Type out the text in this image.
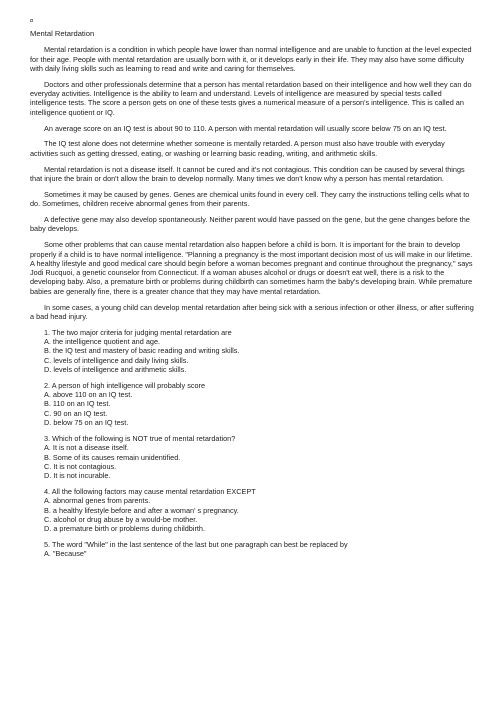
Mental Retardation

Mental retardation is a condition in which people have lower than normal intelligence and are unable to function at the level expected for their age. People with mental retardation are usually born with it, or it develops early in their life. They may also have some difficulty with daily living skills such as learning to read and write and caring for themselves.

Doctors and other professionals determine that a person has mental retardation based on their intelligence and how well they can do everyday activities. Intelligence is the ability to learn and understand. Levels of intelligence are measured by special tests called intelligence tests. The score a person gets on one of these tests gives a numerical measure of a person's intelligence. This is called an intelligence quotient or IQ.

An average score on an IQ test is about 90 to 110. A person with mental retardation will usually score below 75 on an IQ test.

The IQ test alone does not determine whether someone is mentally retarded. A person must also have trouble with everyday activities such as getting dressed, eating, or washing or learning basic reading, writing, and arithmetic skills.

Mental retardation is not a disease itself. It cannot be cured and it's not contagious. This condition can be caused by several things that injure the brain or don't allow the brain to develop normally. Many times we don't know why a person has mental retardation.

Sometimes it may be caused by genes. Genes are chemical units found in every cell. They carry the instructions telling cells what to do. Sometimes, children receive abnormal genes from their parents.

A defective gene may also develop spontaneously. Neither parent would have passed on the gene, but the gene changes before the baby develops.

Some other problems that can cause mental retardation also happen before a child is born. It is important for the brain to develop properly if a child is to have normal intelligence. "Planning a pregnancy is the most important decision most of us will make in our lifetime. A healthy lifestyle and good medical care should begin before a woman becomes pregnant and continue throughout the pregnancy," says Jodi Rucquoi, a genetic counselor from Connecticut. If a woman abuses alcohol or drugs or doesn't eat well, there is a risk to the developing baby. Also, a premature birth or problems during childbirth can sometimes harm the baby's developing brain. While premature babies are generally fine, there is a greater chance that they may have mental retardation.

In some cases, a young child can develop mental retardation after being sick with a serious infection or other illness, or after suffering a bad head injury.

1. The two major criteria for judging mental retardation are
A. the intelligence quotient and age.
B. the IQ test and mastery of basic reading and writing skills.
C. levels of intelligence and daily living skills.
D. levels of intelligence and arithmetic skills.
2. A person of high intelligence will probably score
A. above 110 on an IQ test.
B. 110 on an IQ test.
C. 90 on an IQ test.
D. below 75 on an IQ test.
3. Which of the following is NOT true of mental retardation?
A. It is not a disease itself.
B. Some of its causes remain unidentified.
C. It is not contagious.
D. It is not incurable.
4. All the following factors may cause mental retardation EXCEPT
A. abnormal genes from parents.
B. a healthy lifestyle before and after a woman' s pregnancy.
C. alcohol or drug abuse by a would-be mother.
D. a premature birth or problems during childbirth.
5. The word "While" in the last sentence of the last but one paragraph can best be replaced by
A. "Because"
